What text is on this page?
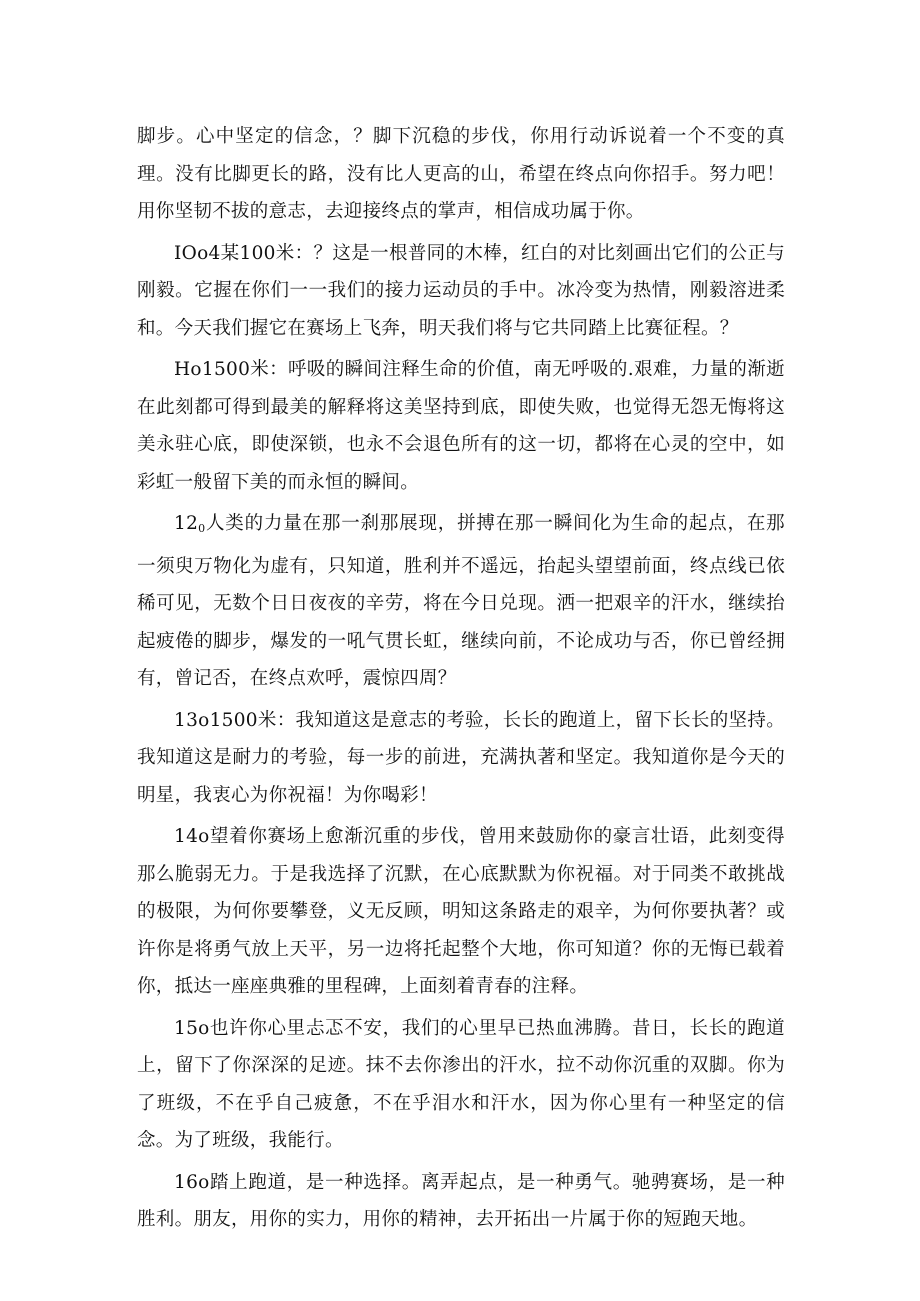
脚步。心中坚定的信念，？脚下沉稳的步伐，你用行动诉说着一个不变的真理。没有比脚更长的路，没有比人更高的山，希望在终点向你招手。努力吧！用你坚韧不拔的意志，去迎接终点的掌声，相信成功属于你。

IOo4某100米：？这是一根普同的木棒，红白的对比刻画出它们的公正与刚毅。它握在你们一一我们的接力运动员的手中。冰冷变为热情，刚毅溶进柔和。今天我们握它在赛场上飞奔，明天我们将与它共同踏上比赛征程。？

Ho1500米：呼吸的瞬间注释生命的价值，南无呼吸的.艰难，力量的渐逝在此刻都可得到最美的解释将这美坚持到底，即使失败，也觉得无怨无悔将这美永驻心底，即使深锁，也永不会退色所有的这一切，都将在心灵的空中，如彩虹一般留下美的而永恒的瞬间。

$12_0$人类的力量在那一刹那展现，拼搏在那一瞬间化为生命的起点，在那一须臾万物化为虚有，只知道，胜利并不遥远，抬起头望望前面，终点线已依稀可见，无数个日日夜夜的辛劳，将在今日兑现。洒一把艰辛的汗水，继续抬起疲倦的脚步，爆发的一吼气贯长虹，继续向前，不论成功与否，你已曾经拥有，曾记否，在终点欢呼，震惊四周？

13o1500米：我知道这是意志的考验，长长的跑道上，留下长长的坚持。我知道这是耐力的考验，每一步的前进，充满执著和坚定。我知道你是今天的明星，我衷心为你祝福！为你喝彩！

14o望着你赛场上愈渐沉重的步伐，曾用来鼓励你的豪言壮语，此刻变得那么脆弱无力。于是我选择了沉默，在心底默默为你祝福。对于同类不敢挑战的极限，为何你要攀登，义无反顾，明知这条路走的艰辛，为何你要执著？或许你是将勇气放上天平，另一边将托起整个大地，你可知道？你的无悔已载着你，抵达一座座典雅的里程碑，上面刻着青春的注释。

15o也许你心里忐忑不安，我们的心里早已热血沸腾。昔日，长长的跑道上，留下了你深深的足迹。抹不去你渗出的汗水，拉不动你沉重的双脚。你为了班级，不在乎自己疲惫，不在乎泪水和汗水，因为你心里有一种坚定的信念。为了班级，我能行。

16o踏上跑道，是一种选择。离弄起点，是一种勇气。驰骋赛场，是一种胜利。朋友，用你的实力，用你的精神，去开拓出一片属于你的短跑天地。
